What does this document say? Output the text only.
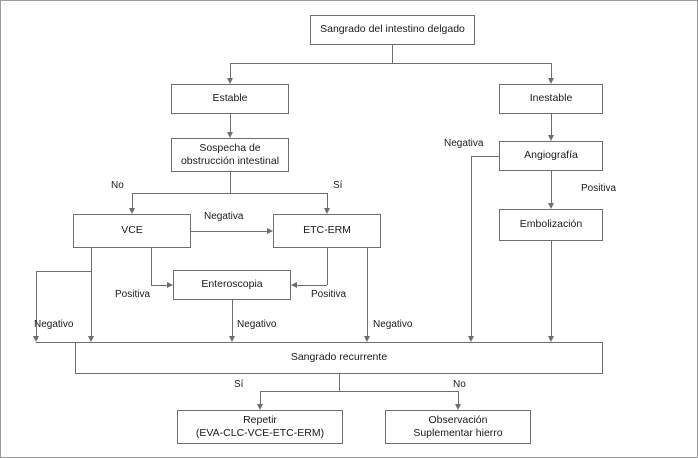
Sangrado del intestino delgado
Estable	Inestable
Sospecha de
obstrucción intestinal	Angiografía
VCE	ETC-ERM	Embolización
Enteroscopia
Sangrado recurrente
Repetir
(EVA-CLC-VCE-ETC-ERM)
Observación
Suplementar hierro
No	Sí
Negativa
Positiva	Positiva
Negativo	Negativo	Negativo
Negativa
Positiva
Sí	No
